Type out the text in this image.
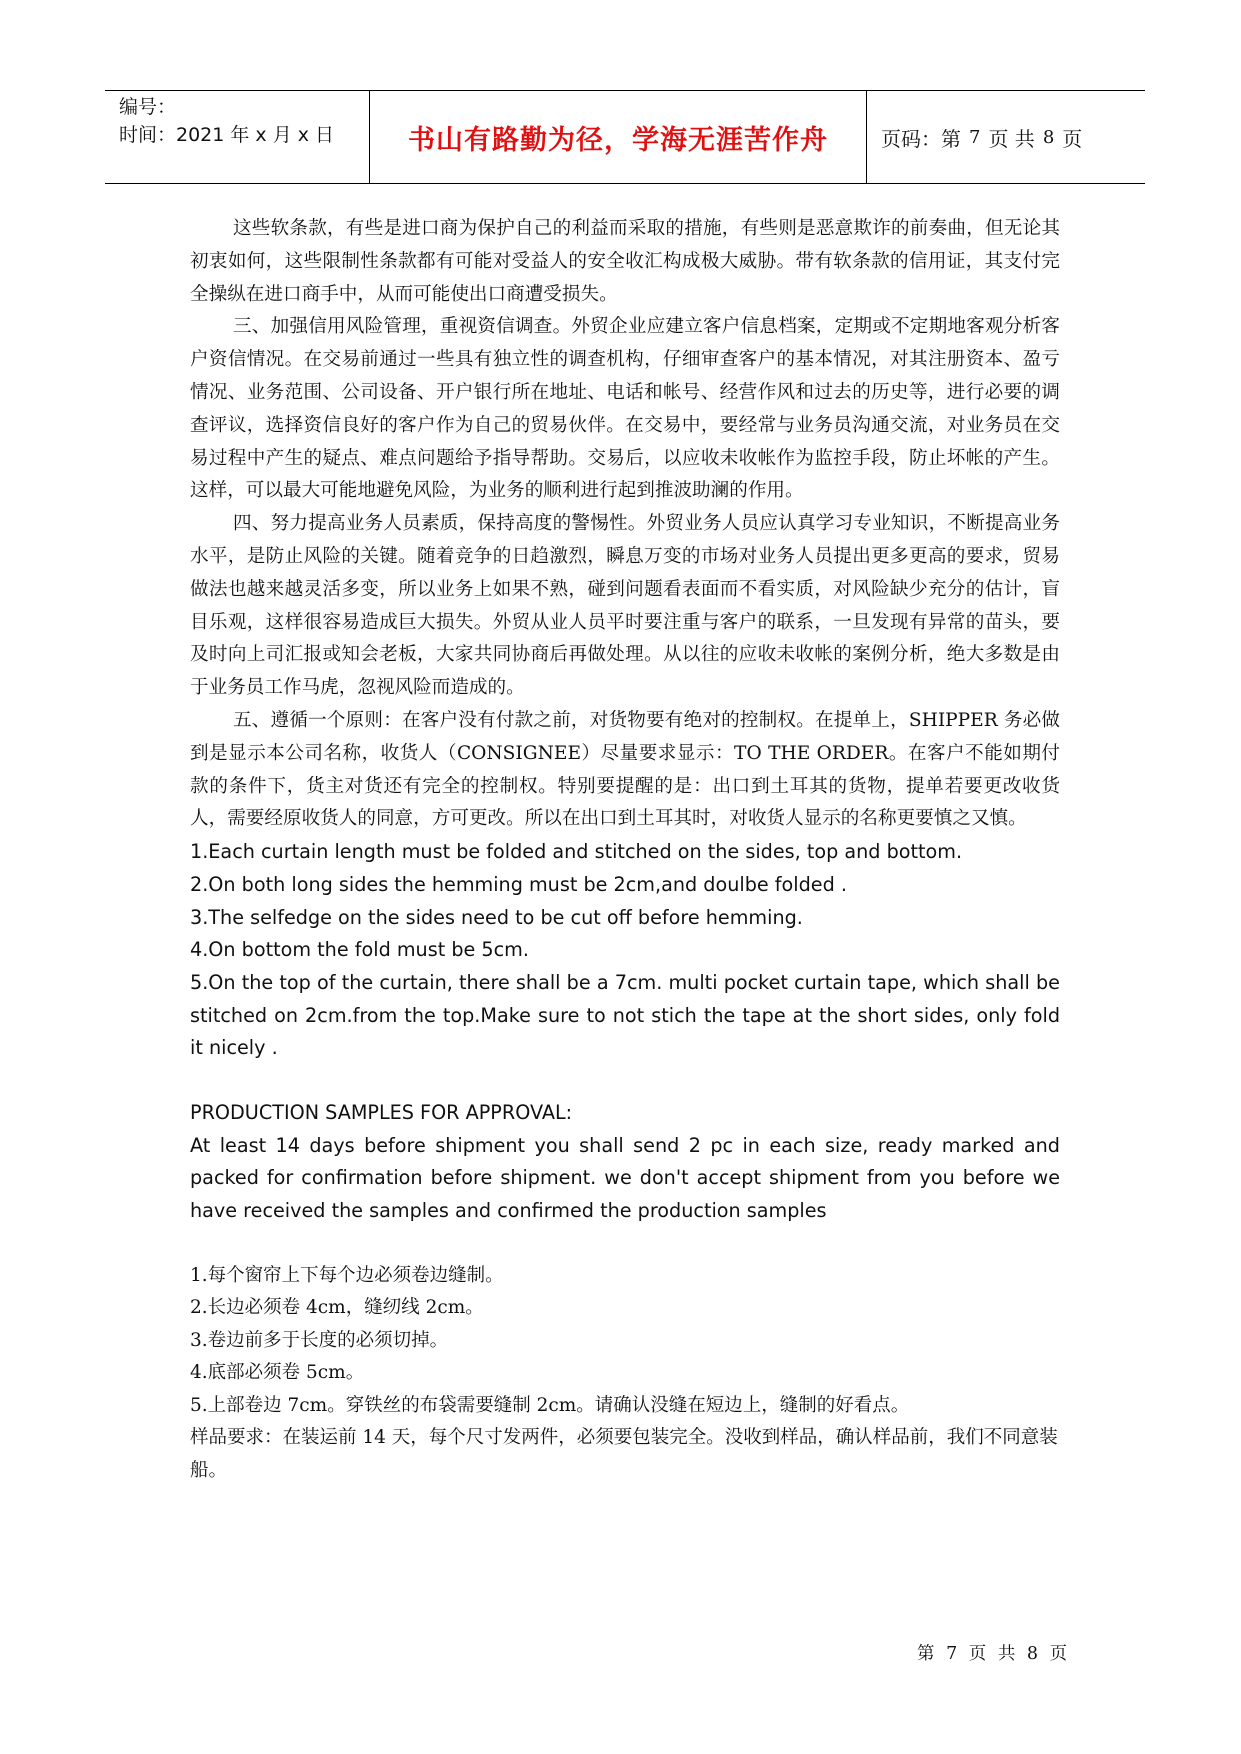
编号：
时间：2021 年 x 月 x 日	书山有路勤为径，学海无涯苦作舟	页码：第 7 页 共 8 页

这些软条款，有些是进口商为保护自己的利益而采取的措施，有些则是恶意欺诈的前奏曲，但无论其初衷如何，这些限制性条款都有可能对受益人的安全收汇构成极大威胁。带有软条款的信用证，其支付完全操纵在进口商手中，从而可能使出口商遭受损失。

三、加强信用风险管理，重视资信调查。外贸企业应建立客户信息档案，定期或不定期地客观分析客户资信情况。在交易前通过一些具有独立性的调查机构，仔细审查客户的基本情况，对其注册资本、盈亏情况、业务范围、公司设备、开户银行所在地址、电话和帐号、经营作风和过去的历史等，进行必要的调查评议，选择资信良好的客户作为自己的贸易伙伴。在交易中，要经常与业务员沟通交流，对业务员在交易过程中产生的疑点、难点问题给予指导帮助。交易后，以应收未收帐作为监控手段，防止坏帐的产生。这样，可以最大可能地避免风险，为业务的顺利进行起到推波助澜的作用。

四、努力提高业务人员素质，保持高度的警惕性。外贸业务人员应认真学习专业知识，不断提高业务水平，是防止风险的关键。随着竞争的日趋激烈，瞬息万变的市场对业务人员提出更多更高的要求，贸易做法也越来越灵活多变，所以业务上如果不熟，碰到问题看表面而不看实质，对风险缺少充分的估计，盲目乐观，这样很容易造成巨大损失。外贸从业人员平时要注重与客户的联系，一旦发现有异常的苗头，要及时向上司汇报或知会老板，大家共同协商后再做处理。从以往的应收未收帐的案例分析，绝大多数是由于业务员工作马虎，忽视风险而造成的。

五、遵循一个原则：在客户没有付款之前，对货物要有绝对的控制权。在提单上，SHIPPER 务必做到是显示本公司名称，收货人（CONSIGNEE）尽量要求显示：TO THE ORDER。在客户不能如期付款的条件下，货主对货还有完全的控制权。特别要提醒的是：出口到土耳其的货物，提单若要更改收货人，需要经原收货人的同意，方可更改。所以在出口到土耳其时，对收货人显示的名称更要慎之又慎。

1.Each curtain length must be folded and stitched on the sides, top and bottom.

2.On both long sides the hemming must be 2cm,and doulbe folded .

3.The selfedge on the sides need to be cut off before hemming.

4.On bottom the fold must be 5cm.

5.On the top of the curtain, there shall be a 7cm. multi pocket curtain tape, which shall be stitched on 2cm.from the top.Make sure to not stich the tape at the short sides, only fold it nicely .

PRODUCTION SAMPLES FOR APPROVAL:

At least 14 days before shipment you shall send 2 pc in each size, ready marked and packed for confirmation before shipment. we don't accept shipment from you before we have received the samples and confirmed the production samples

1.每个窗帘上下每个边必须卷边缝制。

2.长边必须卷 4cm，缝纫线 2cm。

3.卷边前多于长度的必须切掉。

4.底部必须卷 5cm。

5.上部卷边 7cm。穿铁丝的布袋需要缝制 2cm。请确认没缝在短边上，缝制的好看点。

样品要求：在装运前 14 天，每个尺寸发两件，必须要包装完全。没收到样品，确认样品前，我们不同意装船。

第 7 页 共 8 页
